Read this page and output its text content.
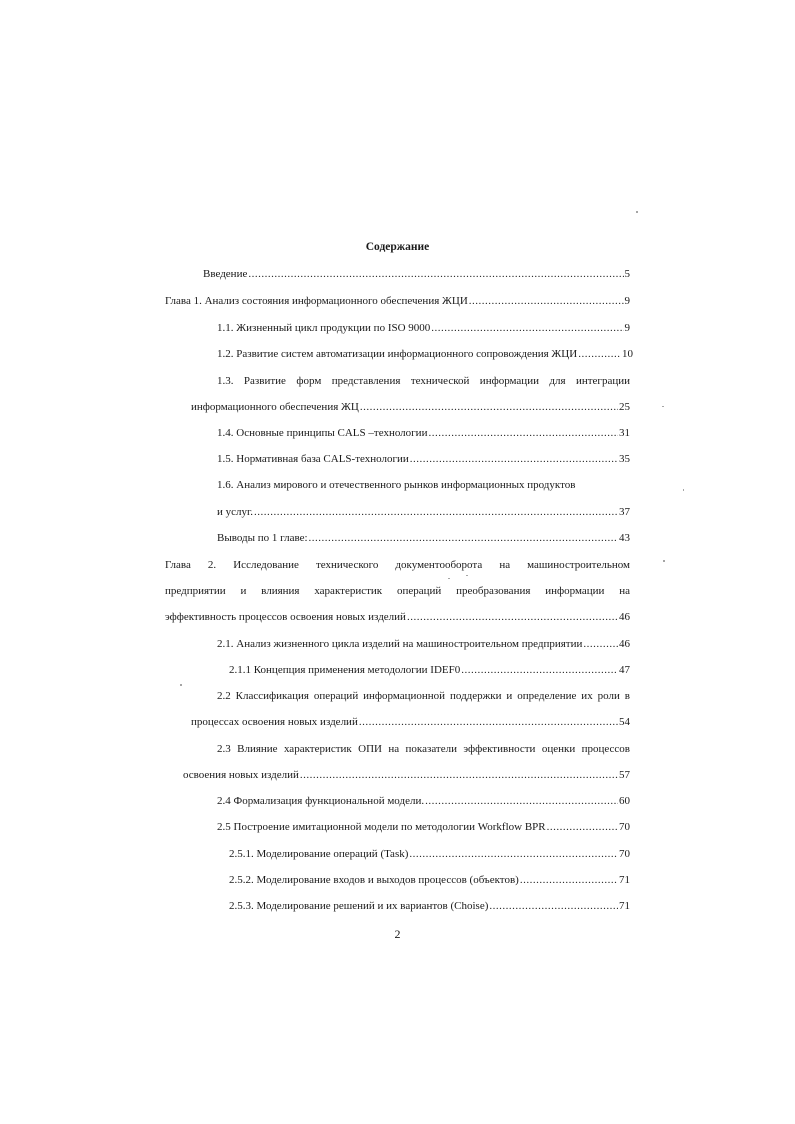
Содержание
Введение .....	5
Глава 1. Анализ состояния информационного обеспечения ЖЦИ .....	9
1.1. Жизненный цикл продукции по ISO 9000 .....	9
1.2. Развитие систем автоматизации информационного сопровождения ЖЦИ .....	10
1.3. Развитие форм представления технической информации для интеграции
информационного обеспечения ЖЦ .....	25
1.4. Основные принципы CALS –технологии .....	31
1.5. Нормативная база CALS-технологии .....	35
1.6. Анализ мирового и отечественного рынков информационных продуктов
и услуг. .....	37
Выводы по 1 главе: .....	43
Глава 2. Исследование технического документооборота на машиностроительном
предприятии и влияния характеристик операций преобразования информации на
эффективность процессов освоения новых изделий .....	46
2.1. Анализ жизненного цикла изделий на машиностроительном предприятии .....	46
2.1.1 Концепция применения методологии IDEF0 .....	47
2.2 Классификация операций информационной поддержки и определение их роли в
процессах освоения новых изделий .....	54
2.3 Влияние характеристик ОПИ на показатели эффективности оценки процессов
освоения новых изделий .....	57
2.4 Формализация функциональной модели. .....	60
2.5 Построение имитационной модели по методологии Workflow BPR .....	70
2.5.1. Моделирование операций (Task) .....	70
2.5.2. Моделирование входов и выходов процессов (объектов) .....	71
2.5.3. Моделирование решений и их вариантов (Choise) .....	71
2
